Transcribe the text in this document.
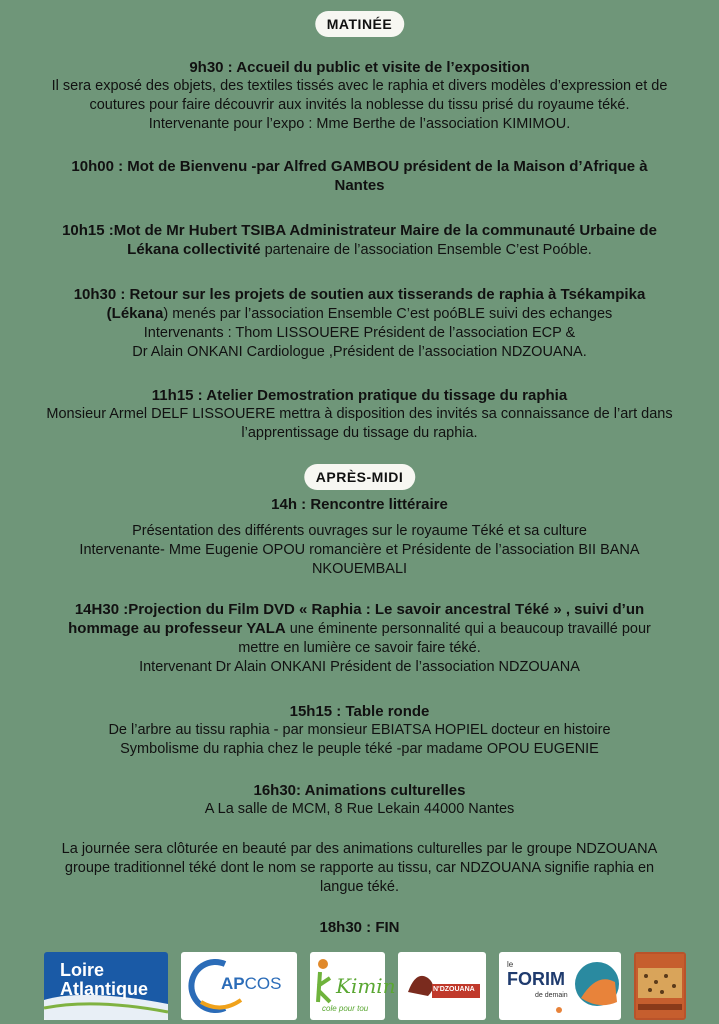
MATINÉE
9h30 : Accueil du public et visite de l’exposition
Il sera exposé des objets, des textiles tissés avec le raphia et divers modèles d’expression et de
coutures pour faire découvrir aux invités la noblesse du tissu prisé du royaume téké.
Intervenante pour l’expo : Mme Berthe de l’association KIMIMOU.
10h00 : Mot de Bienvenu -par Alfred GAMBOU président de la Maison d’Afrique à
Nantes
10h15 :Mot de Mr Hubert TSIBA Administrateur Maire de la communauté Urbaine de
Lékana collectivité partenaire de l’association Ensemble C’est Poóble.
10h30 : Retour sur les projets de soutien aux tisserands de raphia à Tsékampika
(Lékana) menés par l’association Ensemble C’est poóBLE suivi des echanges
Intervenants : Thom LISSOUERE Président de l’association ECP &
Dr Alain ONKANI Cardiologue ,Président de l’association NDZOUANA.
11h15 : Atelier Demostration pratique du tissage du raphia
Monsieur Armel DELF LISSOUERE mettra à disposition des invités sa connaissance de l’art dans
l’apprentissage du tissage du raphia.
APRÈS-MIDI
14h : Rencontre littéraire
Présentation des différents ouvrages sur le royaume Téké et sa culture
Intervenante- Mme Eugenie OPOU romancière et Présidente de l’association BII BANA
NKOUEMBALI
14H30 :Projection du Film DVD « Raphia : Le savoir ancestral Téké » , suivi d’un
hommage au professeur YALA une éminente personnalité qui a beaucoup travaillé pour
mettre en lumière ce savoir faire téké.
Intervenant Dr Alain ONKANI Président de l’association NDZOUANA
15h15 : Table ronde
De l’arbre au tissu raphia - par monsieur EBIATSA HOPIEL docteur en histoire
Symbolisme du raphia chez le peuple téké -par madame OPOU EUGENIE
16h30: Animations culturelles
A La salle de MCM, 8 Rue Lekain 44000 Nantes
La journée sera clôturée en beauté par des animations culturelles par le groupe NDZOUANA
groupe traditionnel téké dont le nom se rapporte au tissu, car NDZOUANA signifie raphia en
langue téké.
18h30 : FIN
Loire
Atlantique	APCOS	Kimin
cole pour tou
N'DZOUANA
le
FORIM
de demain
